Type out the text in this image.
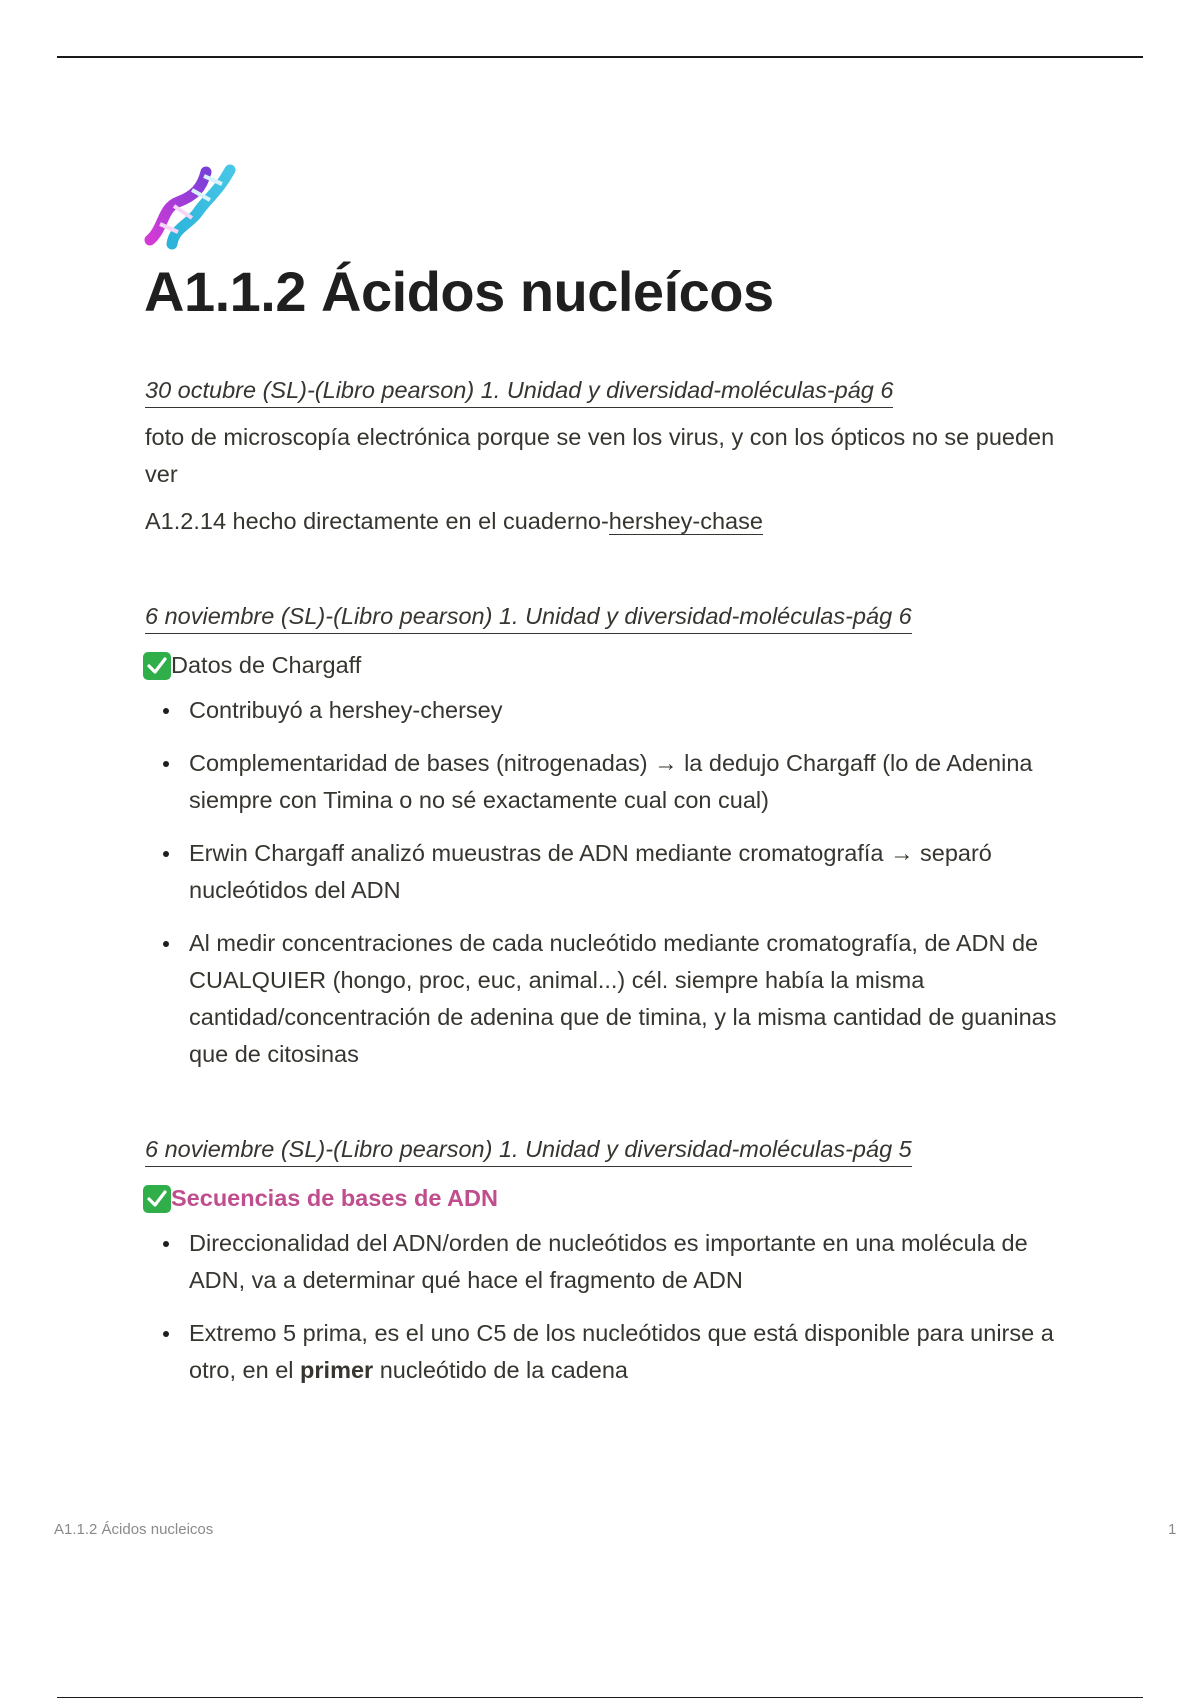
A1.1.2 Ácidos nucleícos
30 octubre (SL)-(Libro pearson) 1. Unidad y diversidad-moléculas-pág 6

foto de microscopía electrónica porque se ven los virus, y con los ópticos no se pueden ver

A1.2.14 hecho directamente en el cuaderno-hershey-chase

6 noviembre (SL)-(Libro pearson) 1. Unidad y diversidad-moléculas-pág 6
Datos de Chargaff
Contribuyó a hershey-chersey
Complementaridad de bases (nitrogenadas) → la dedujo Chargaff (lo de Adenina siempre con Timina o no sé exactamente cual con cual)
Erwin Chargaff analizó mueustras de ADN mediante cromatografía → separó nucleótidos del ADN
Al medir concentraciones de cada nucleótido mediante cromatografía, de ADN de CUALQUIER (hongo, proc, euc, animal...) cél. siempre había la misma cantidad/concentración de adenina que de timina, y la misma cantidad de guaninas que de citosinas
6 noviembre (SL)-(Libro pearson) 1. Unidad y diversidad-moléculas-pág 5
Secuencias de bases de ADN
Direccionalidad del ADN/orden de nucleótidos es importante en una molécula de ADN, va a determinar qué hace el fragmento de ADN
Extremo 5 prima, es el uno C5 de los nucleótidos que está disponible para unirse a otro, en el primer nucleótido de la cadena
A1.1.2 Ácidos nucleicos	1
